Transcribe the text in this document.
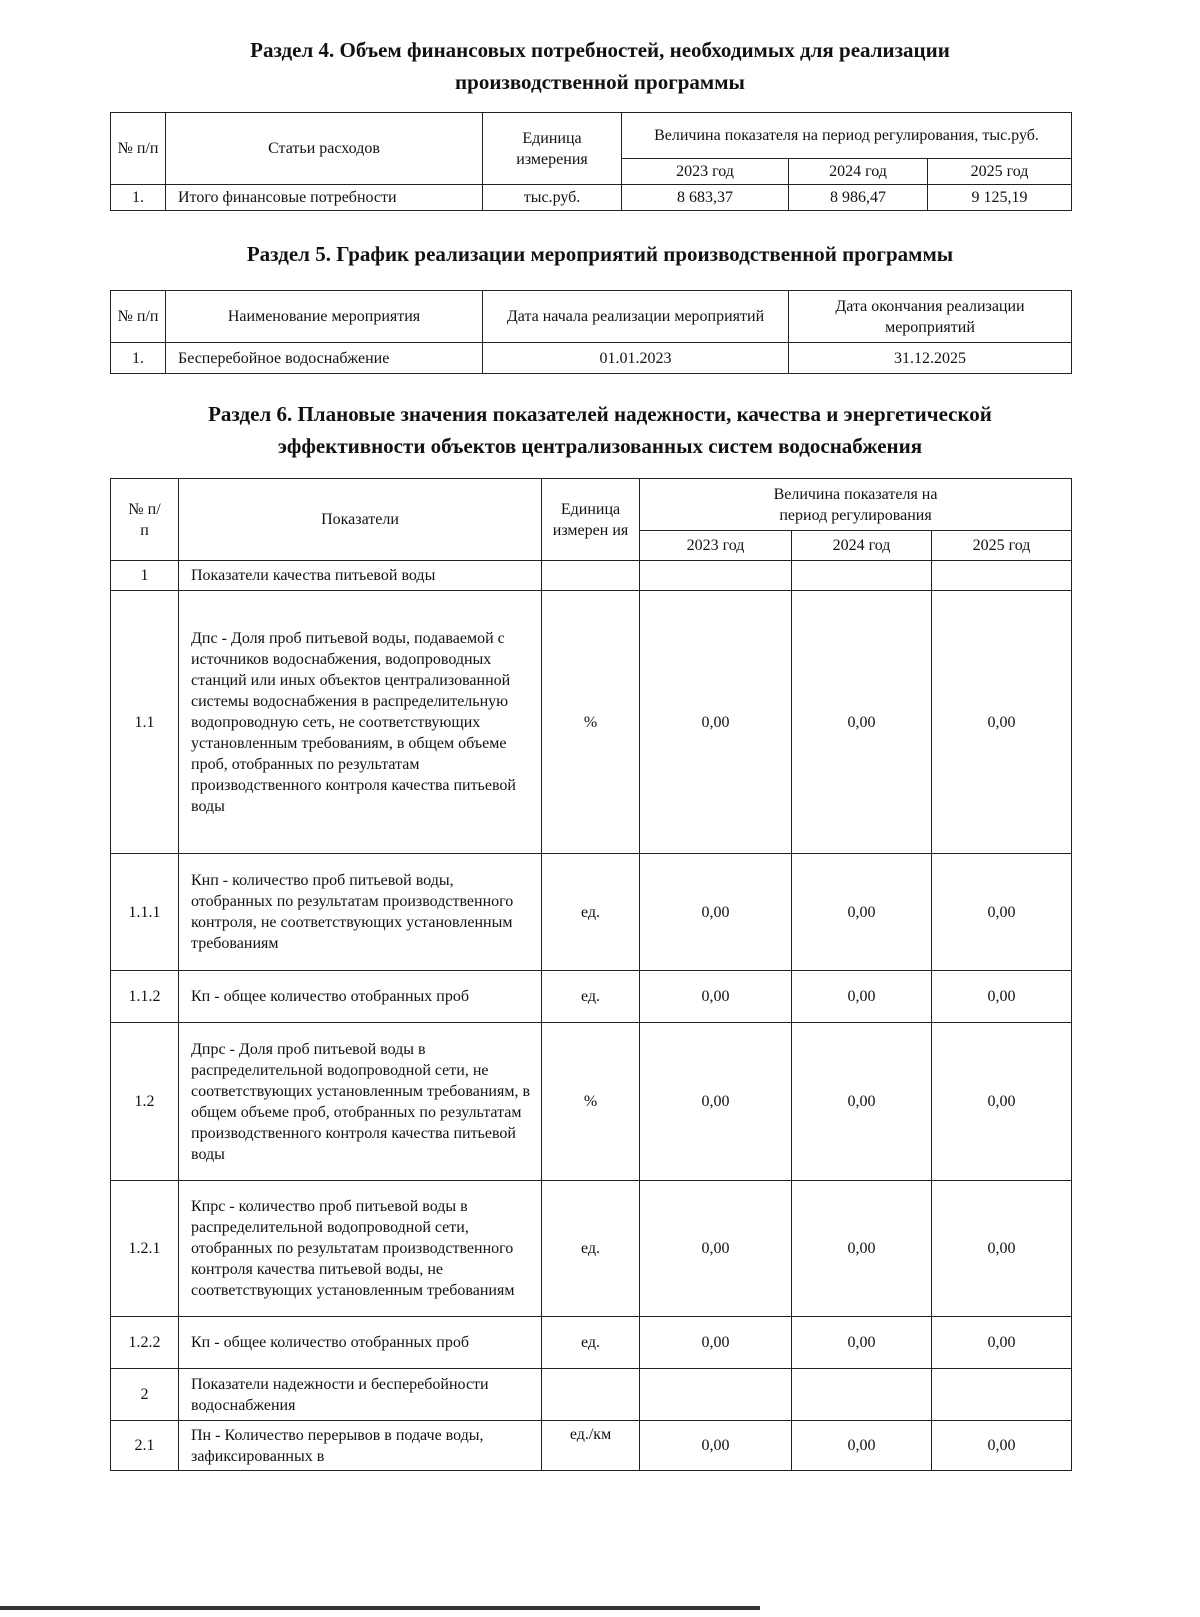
Раздел 4. Объем финансовых потребностей, необходимых для реализации
производственной программы
№ п/п	Статьи расходов	Единица измерения	Величина показателя на период регулирования, тыс.руб.		
			2023 год	2024 год	2025 год
1.	Итого финансовые потребности	тыс.руб.	8 683,37	8 986,47	9 125,19
Раздел 5. График реализации мероприятий производственной программы
№ п/п	Наименование мероприятия	Дата начала реализации мероприятий	Дата окончания реализации мероприятий
1.	Бесперебойное водоснабжение	01.01.2023	31.12.2025
Раздел 6. Плановые значения показателей надежности, качества и энергетической
эффективности объектов централизованных систем водоснабжения
№ п/п	Показатели	Единица измерен ия	Величина показателя на период регулирования		
			2023 год	2024 год	2025 год
1	Показатели качества питьевой воды				
1.1	Дпс - Доля проб питьевой воды, подаваемой с источников водоснабжения, водопроводных станций или иных объектов централизованной системы водоснабжения в распределительную водопроводную сеть, не соответствующих установленным требованиям, в общем объеме проб, отобранных по результатам производственного контроля качества питьевой воды	%	0,00	0,00	0,00
1.1.1	Кнп - количество проб питьевой воды, отобранных по результатам производственного контроля, не соответствующих установленным требованиям	ед.	0,00	0,00	0,00
1.1.2	Кп - общее количество отобранных проб	ед.	0,00	0,00	0,00
1.2	Дпрс - Доля проб питьевой воды в распределительной водопроводной сети, не соответствующих установленным требованиям, в общем объеме проб, отобранных по результатам производственного контроля качества питьевой воды	%	0,00	0,00	0,00
1.2.1	Кпрс - количество проб питьевой воды в распределительной водопроводной сети, отобранных по результатам производственного контроля качества питьевой воды, не соответствующих установленным требованиям	ед.	0,00	0,00	0,00
1.2.2	Кп - общее количество отобранных проб	ед.	0,00	0,00	0,00
2	Показатели надежности и бесперебойности водоснабжения				
2.1	Пн - Количество перерывов в подаче воды, зафиксированных в	ед./км	0,00	0,00	0,00
